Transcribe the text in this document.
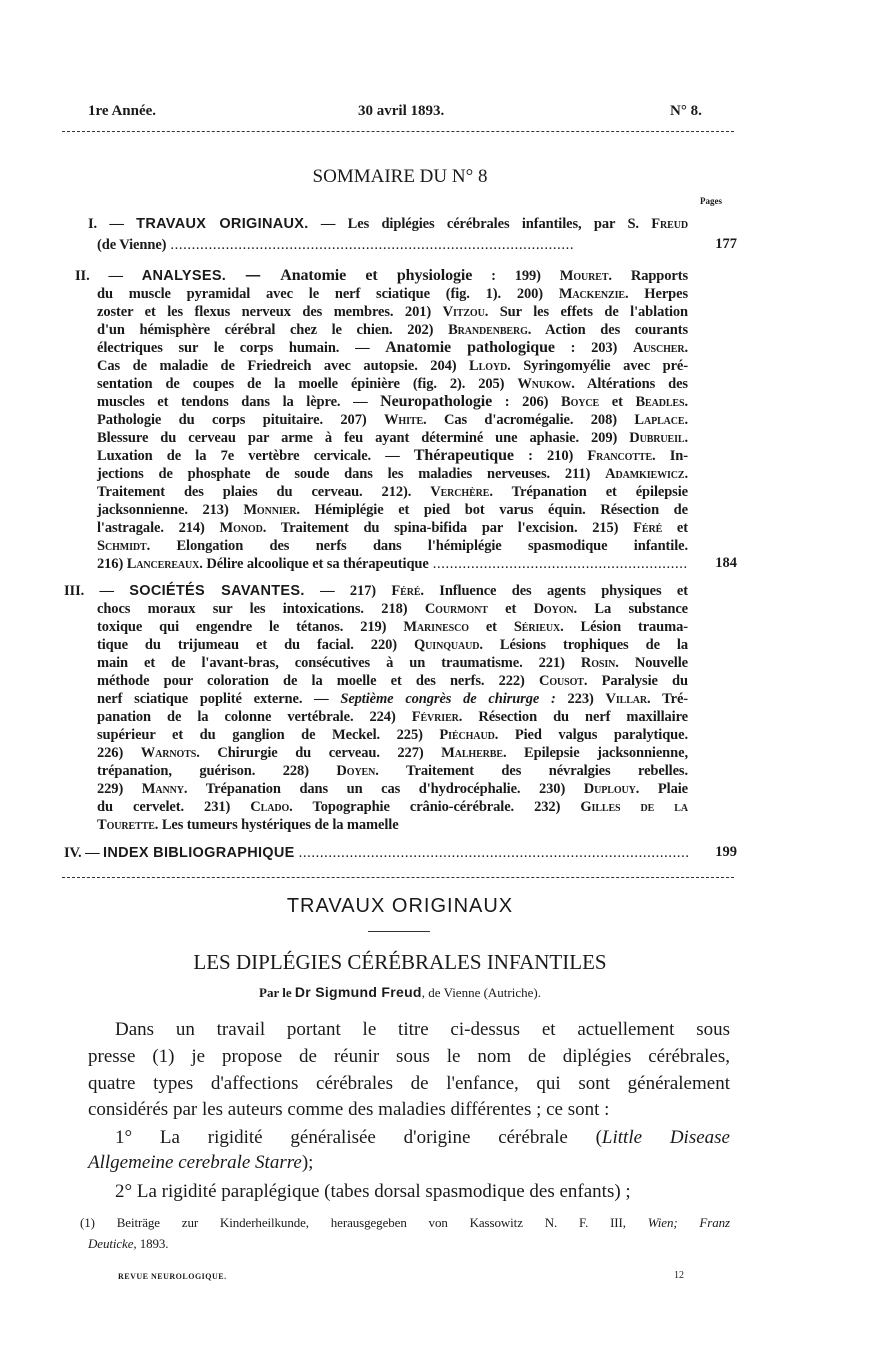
1re Année.	30 avril 1893.	N° 8.
SOMMAIRE DU N° 8
Pages
I. — TRAVAUX ORIGINAUX. — Les diplégies cérébrales infantiles, par S. Freud
(de Vienne) . . .	177
II. — ANALYSES. — Anatomie et physiologie : 199) Mouret. Rapports
du muscle pyramidal avec le nerf sciatique (fig. 1). 200) Mackenzie. Herpes
zoster et les flexus nerveux des membres. 201) Vitzou. Sur les effets de l'ablation
d'un hémisphère cérébral chez le chien. 202) Brandenberg. Action des courants
électriques sur le corps humain. — Anatomie pathologique : 203) Auscher.
Cas de maladie de Friedreich avec autopsie. 204) Lloyd. Syringomyélie avec pré-
sentation de coupes de la moelle épinière (fig. 2). 205) Wnukow. Altérations des
muscles et tendons dans la lèpre. — Neuropathologie : 206) Boyce et Beadles.
Pathologie du corps pituitaire. 207) White. Cas d'acromégalie. 208) Laplace.
Blessure du cerveau par arme à feu ayant déterminé une aphasie. 209) Dubrueil.
Luxation de la 7e vertèbre cervicale. — Thérapeutique : 210) Francotte. In-
jections de phosphate de soude dans les maladies nerveuses. 211) Adamkiewicz.
Traitement des plaies du cerveau. 212). Verchère. Trépanation et épilepsie
jacksonnienne. 213) Monnier. Hémiplégie et pied bot varus équin. Résection de
l'astragale. 214) Monod. Traitement du spina-bifida par l'excision. 215) Féré et
Schmidt. Elongation des nerfs dans l'hémiplégie spasmodique infantile.
216) Lancereaux. Délire alcoolique et sa thérapeutique . . .	184
III. — SOCIÉTÉS SAVANTES. — 217) Féré. Influence des agents physiques et
chocs moraux sur les intoxications. 218) Courmont et Doyon. La substance
toxique qui engendre le tétanos. 219) Marinesco et Sérieux. Lésion trauma-
tique du trijumeau et du facial. 220) Quinquaud. Lésions trophiques de la
main et de l'avant-bras, consécutives à un traumatisme. 221) Rosin. Nouvelle
méthode pour coloration de la moelle et des nerfs. 222) Cousot. Paralysie du
nerf sciatique poplité externe. — Septième congrès de chirurge : 223) Villar. Tré-
panation de la colonne vertébrale. 224) Février. Résection du nerf maxillaire
supérieur et du ganglion de Meckel. 225) Piéchaud. Pied valgus paralytique.
226) Warnots. Chirurgie du cerveau. 227) Malherbe. Epilepsie jacksonnienne,
trépanation, guérison. 228) Doyen. Traitement des névralgies rebelles.
229) Manny. Trépanation dans un cas d'hydrocéphalie. 230) Duplouy. Plaie
du cervelet. 231) Clado. Topographie crânio-cérébrale. 232) Gilles de la
Tourette. Les tumeurs hystériques de la mamelle
IV. — INDEX BIBLIOGRAPHIQUE . . .	199
TRAVAUX ORIGINAUX
LES DIPLÉGIES CÉRÉBRALES INFANTILES
Par le Dr Sigmund Freud, de Vienne (Autriche).
Dans un travail portant le titre ci-dessus et actuellement sous
presse (1) je propose de réunir sous le nom de diplégies cérébrales,
quatre types d'affections cérébrales de l'enfance, qui sont généralement
considérés par les auteurs comme des maladies différentes ; ce sont :
1° La rigidité généralisée d'origine cérébrale (Little Disease
Allgemeine cerebrale Starre);
2° La rigidité paraplégique (tabes dorsal spasmodique des enfants) ;
(1) Beiträge zur Kinderheilkunde, herausgegeben von Kassowitz N. F. III, Wien; Franz
Deuticke, 1893.
REVUE NEUROLOGIQUE.	12
